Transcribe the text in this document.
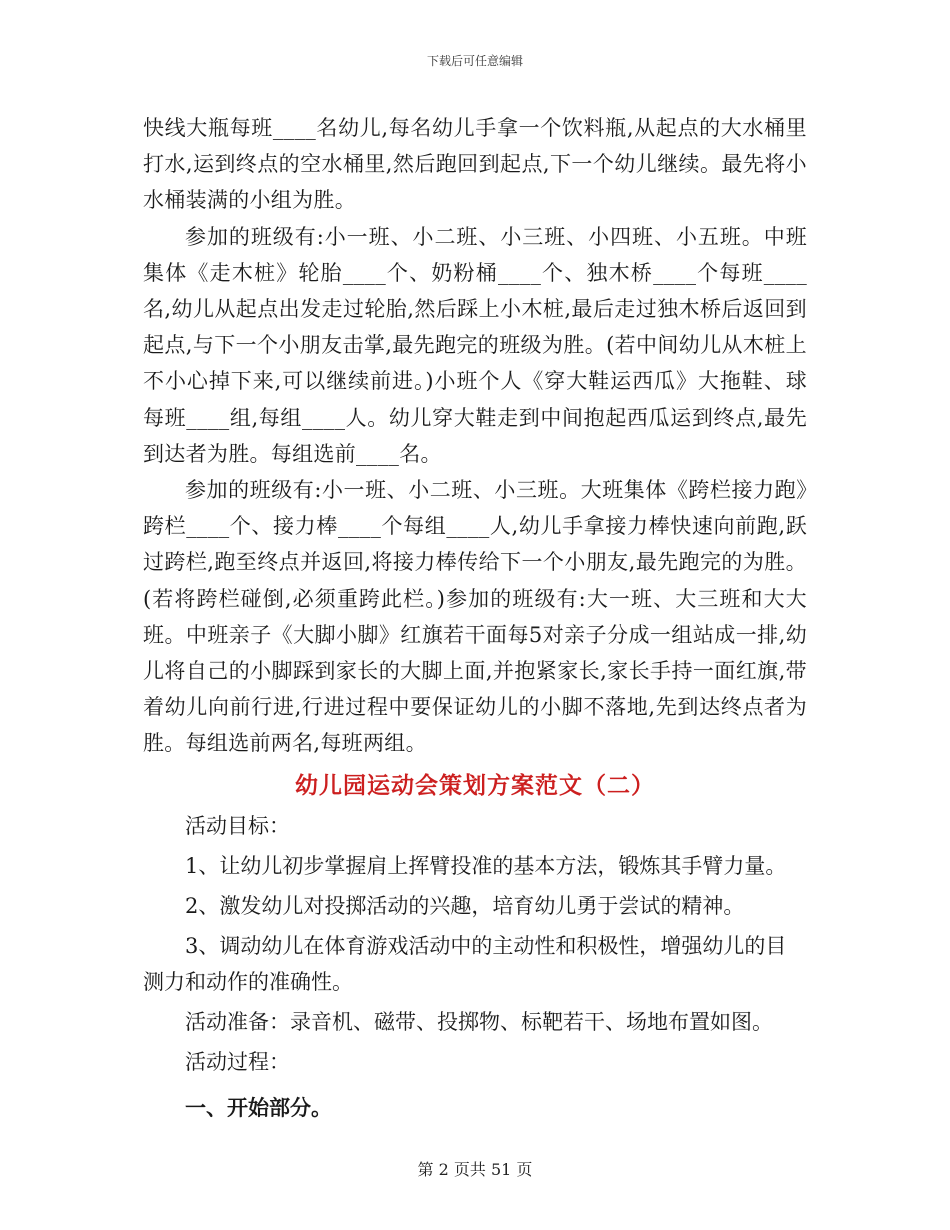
下载后可任意编辑

快线大瓶每班____名幼儿,每名幼儿手拿一个饮料瓶,从起点的大水桶里打水,运到终点的空水桶里,然后跑回到起点,下一个幼儿继续。最先将小水桶装满的小组为胜。

参加的班级有:小一班、小二班、小三班、小四班、小五班。中班集体《走木桩》轮胎____个、奶粉桶____个、独木桥____个每班____名,幼儿从起点出发走过轮胎,然后踩上小木桩,最后走过独木桥后返回到起点,与下一个小朋友击掌,最先跑完的班级为胜。(若中间幼儿从木桩上不小心掉下来,可以继续前进。)小班个人《穿大鞋运西瓜》大拖鞋、球每班____组,每组____人。幼儿穿大鞋走到中间抱起西瓜运到终点,最先到达者为胜。每组选前____名。

参加的班级有:小一班、小二班、小三班。大班集体《跨栏接力跑》跨栏____个、接力棒____个每组____人,幼儿手拿接力棒快速向前跑,跃过跨栏,跑至终点并返回,将接力棒传给下一个小朋友,最先跑完的为胜。(若将跨栏碰倒,必须重跨此栏。)参加的班级有:大一班、大三班和大大班。中班亲子《大脚小脚》红旗若干面每5对亲子分成一组站成一排,幼儿将自己的小脚踩到家长的大脚上面,并抱紧家长,家长手持一面红旗,带着幼儿向前行进,行进过程中要保证幼儿的小脚不落地,先到达终点者为胜。每组选前两名,每班两组。

幼儿园运动会策划方案范文（二）

活动目标：

1、让幼儿初步掌握肩上挥臂投准的基本方法，锻炼其手臂力量。

2、激发幼儿对投掷活动的兴趣，培育幼儿勇于尝试的精神。

3、调动幼儿在体育游戏活动中的主动性和积极性，增强幼儿的目测力和动作的准确性。

活动准备：录音机、磁带、投掷物、标靶若干、场地布置如图。

活动过程：

一、开始部分。

第 2 页共 51 页
